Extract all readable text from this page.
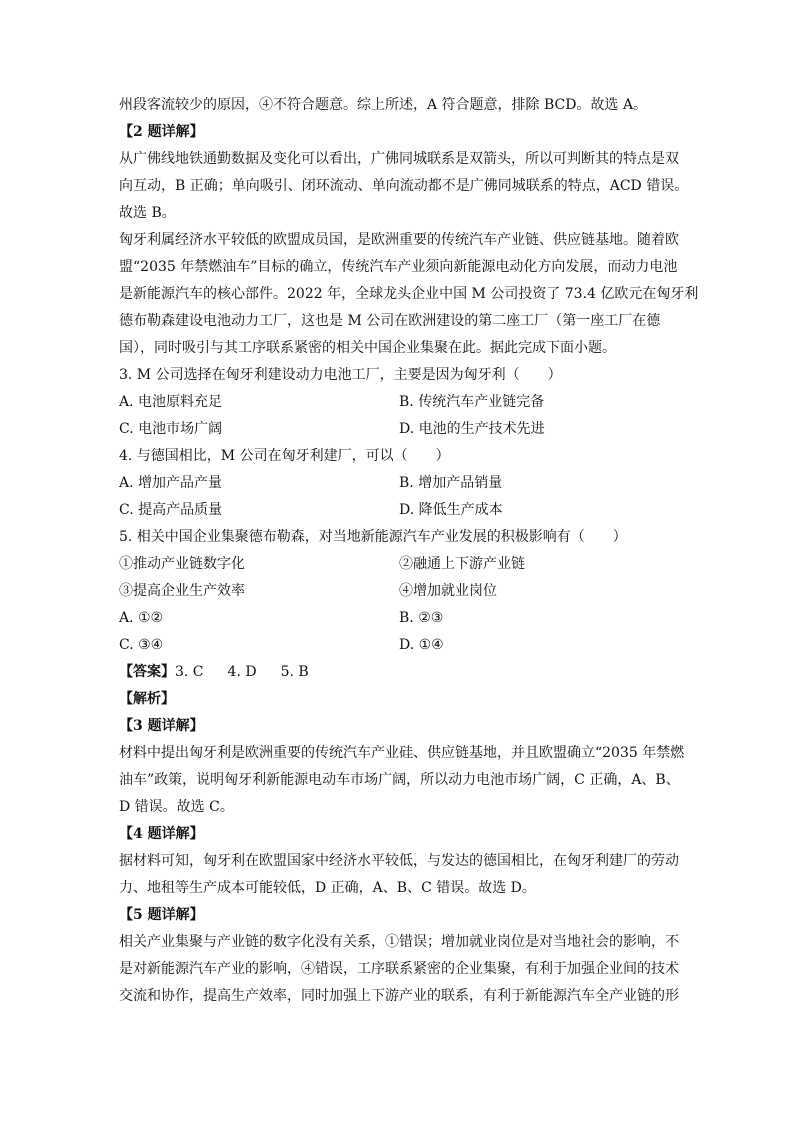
州段客流较少的原因，④不符合题意。综上所述，A 符合题意，排除 BCD。故选 A。
【2 题详解】
从广佛线地铁通勤数据及变化可以看出，广佛同城联系是双箭头，所以可判断其的特点是双
向互动，B 正确；单向吸引、闭环流动、单向流动都不是广佛同城联系的特点，ACD 错误。
故选 B。
匈牙利属经济水平较低的欧盟成员国，是欧洲重要的传统汽车产业链、供应链基地。随着欧
盟“2035 年禁燃油车”目标的确立，传统汽车产业须向新能源电动化方向发展，而动力电池
是新能源汽车的核心部件。2022 年，全球龙头企业中国 M 公司投资了 73.4 亿欧元在匈牙利
德布勒森建设电池动力工厂，这也是 M 公司在欧洲建设的第二座工厂（第一座工厂在德
国），同时吸引与其工序联系紧密的相关中国企业集聚在此。据此完成下面小题。
3. M 公司选择在匈牙利建设动力电池工厂，主要是因为匈牙利（　　）
A. 电池原料充足	B. 传统汽车产业链完备
C. 电池市场广阔	D. 电池的生产技术先进
4. 与德国相比，M 公司在匈牙利建厂，可以（　　）
A. 增加产品产量	B. 增加产品销量
C. 提高产品质量	D. 降低生产成本
5. 相关中国企业集聚德布勒森，对当地新能源汽车产业发展的积极影响有（　　）
①推动产业链数字化	②融通上下游产业链
③提高企业生产效率	④增加就业岗位
A. ①②	B. ②③
C. ③④	D. ①④
【答案】3. C 4. D 5. B
【解析】
【3 题详解】
材料中提出匈牙利是欧洲重要的传统汽车产业硅、供应链基地，并且欧盟确立“2035 年禁燃
油车”政策，说明匈牙利新能源电动车市场广阔，所以动力电池市场广阔，C 正确，A、B、
D 错误。故选 C。
【4 题详解】
据材料可知，匈牙利在欧盟国家中经济水平较低，与发达的德国相比，在匈牙利建厂的劳动
力、地租等生产成本可能较低，D 正确，A、B、C 错误。故选 D。
【5 题详解】
相关产业集聚与产业链的数字化没有关系，①错误；增加就业岗位是对当地社会的影响，不
是对新能源汽车产业的影响，④错误，工序联系紧密的企业集聚，有利于加强企业间的技术
交流和协作，提高生产效率，同时加强上下游产业的联系，有利于新能源汽车全产业链的形
